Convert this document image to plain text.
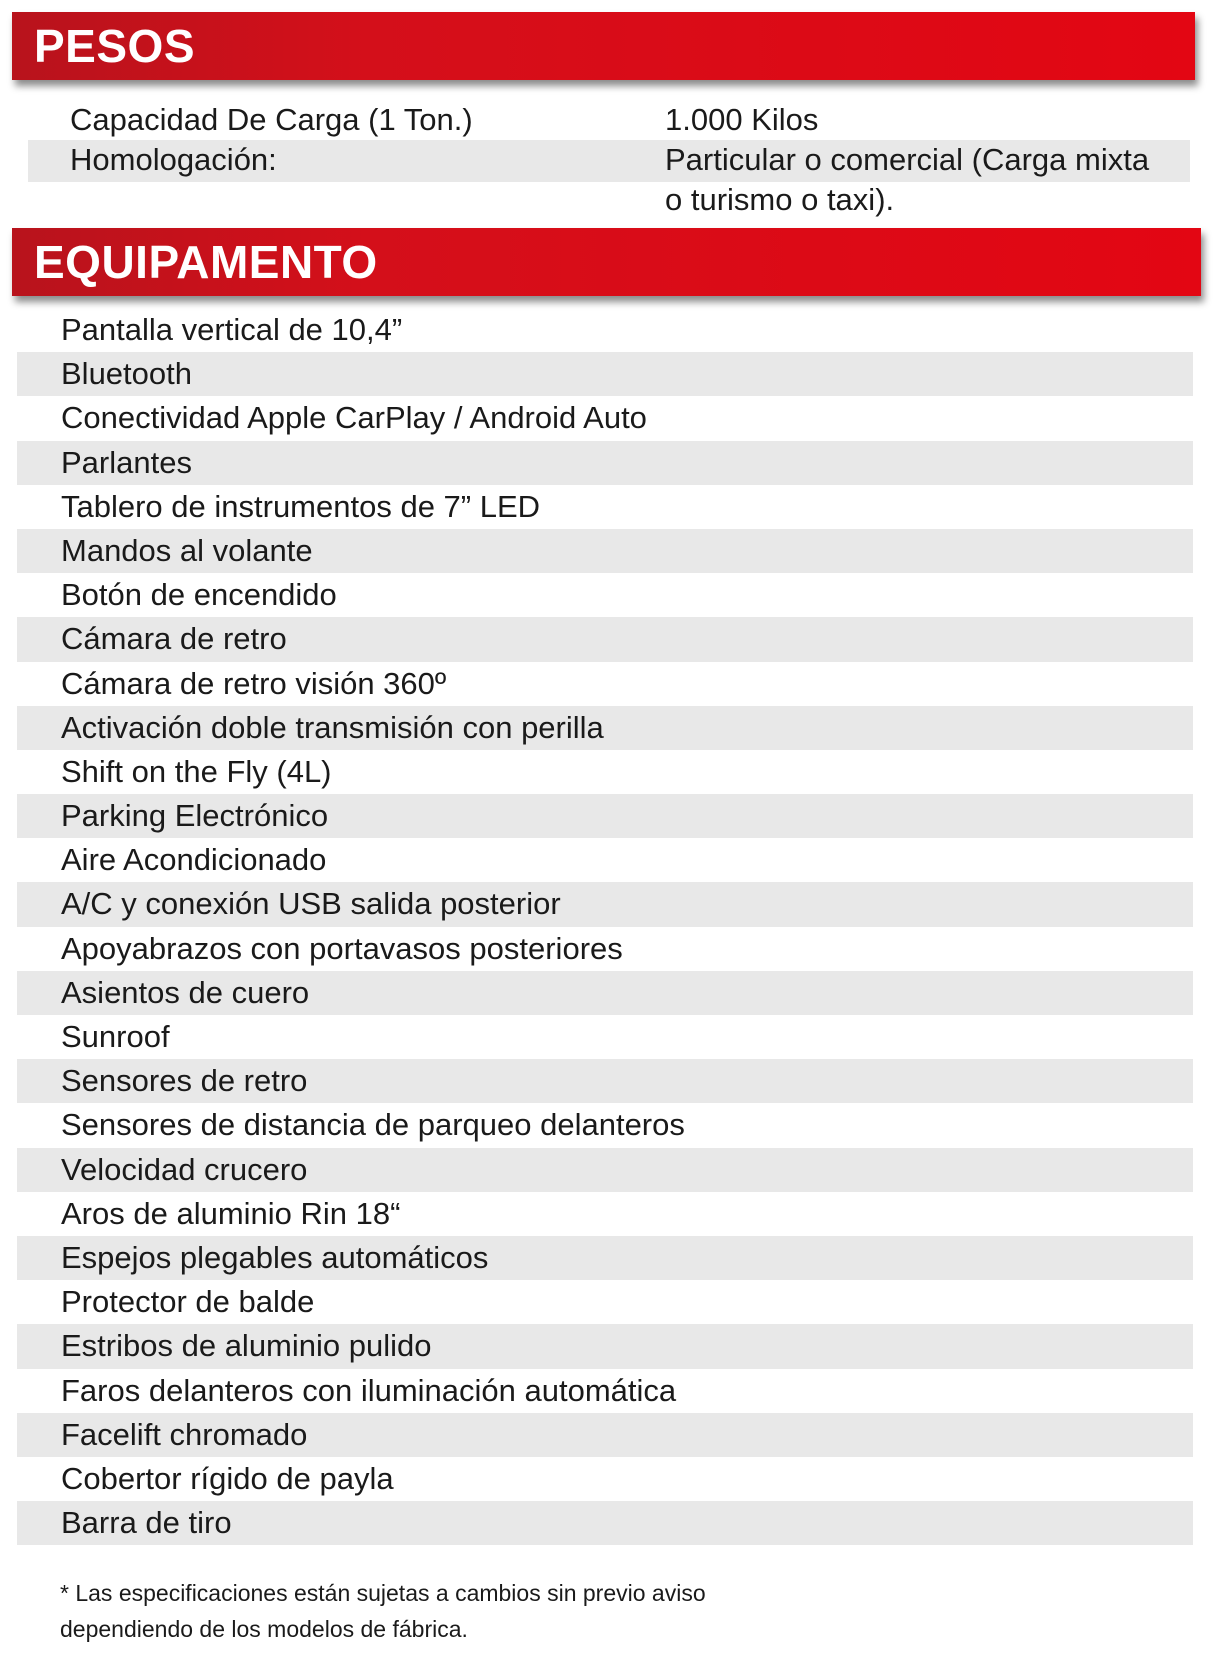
PESOS
Capacidad De Carga (1 Ton.)	1.000 Kilos
Homologación:	Particular o comercial (Carga mixta o turismo o taxi).
EQUIPAMENTO
Pantalla vertical de 10,4”
Bluetooth
Conectividad Apple CarPlay / Android Auto
Parlantes
Tablero de instrumentos de 7” LED
Mandos al volante
Botón de encendido
Cámara de retro
Cámara de retro visión 360º
Activación doble transmisión con perilla
Shift on the Fly (4L)
Parking Electrónico
Aire Acondicionado
A/C y conexión USB salida posterior
Apoyabrazos con portavasos posteriores
Asientos de cuero
Sunroof
Sensores de retro
Sensores de distancia de parqueo delanteros
Velocidad crucero
Aros de aluminio Rin 18“
Espejos plegables automáticos
Protector de balde
Estribos de aluminio pulido
Faros delanteros con iluminación automática
Facelift chromado
Cobertor rígido de payla
Barra de tiro
* Las especificaciones están sujetas a cambios sin previo aviso
dependiendo de los modelos de fábrica.
